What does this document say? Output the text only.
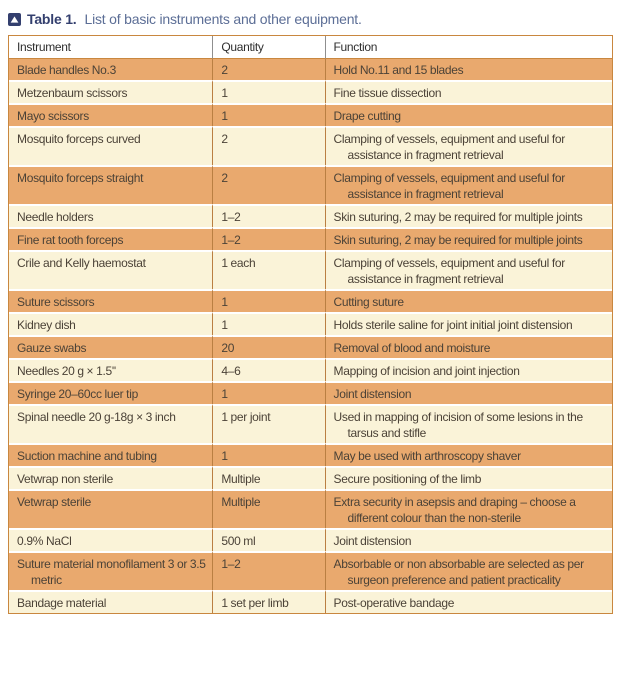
Table 1. List of basic instruments and other equipment.
Instrument	Quantity	Function
Blade handles No.3	2	Hold No.11 and 15 blades
Metzenbaum scissors	1	Fine tissue dissection
Mayo scissors	1	Drape cutting
Mosquito forceps curved	2	Clamping of vessels, equipment and useful for assistance in fragment retrieval
Mosquito forceps straight	2	Clamping of vessels, equipment and useful for assistance in fragment retrieval
Needle holders	1–2	Skin suturing, 2 may be required for multiple joints
Fine rat tooth forceps	1–2	Skin suturing, 2 may be required for multiple joints
Crile and Kelly haemostat	1 each	Clamping of vessels, equipment and useful for assistance in fragment retrieval
Suture scissors	1	Cutting suture
Kidney dish	1	Holds sterile saline for joint initial joint distension
Gauze swabs	20	Removal of blood and moisture
Needles 20 g × 1.5''	4–6	Mapping of incision and joint injection
Syringe 20–60cc luer tip	1	Joint distension
Spinal needle 20 g-18g × 3 inch	1 per joint	Used in mapping of incision of some lesions in the tarsus and stifle
Suction machine and tubing	1	May be used with arthroscopy shaver
Vetwrap non sterile	Multiple	Secure positioning of the limb
Vetwrap sterile	Multiple	Extra security in asepsis and draping – choose a different colour than the non-sterile
0.9% NaCl	500 ml	Joint distension
Suture material monofilament 3 or 3.5 metric	1–2	Absorbable or non absorbable are selected as per surgeon preference and patient practicality
Bandage material	1 set per limb	Post-operative bandage
